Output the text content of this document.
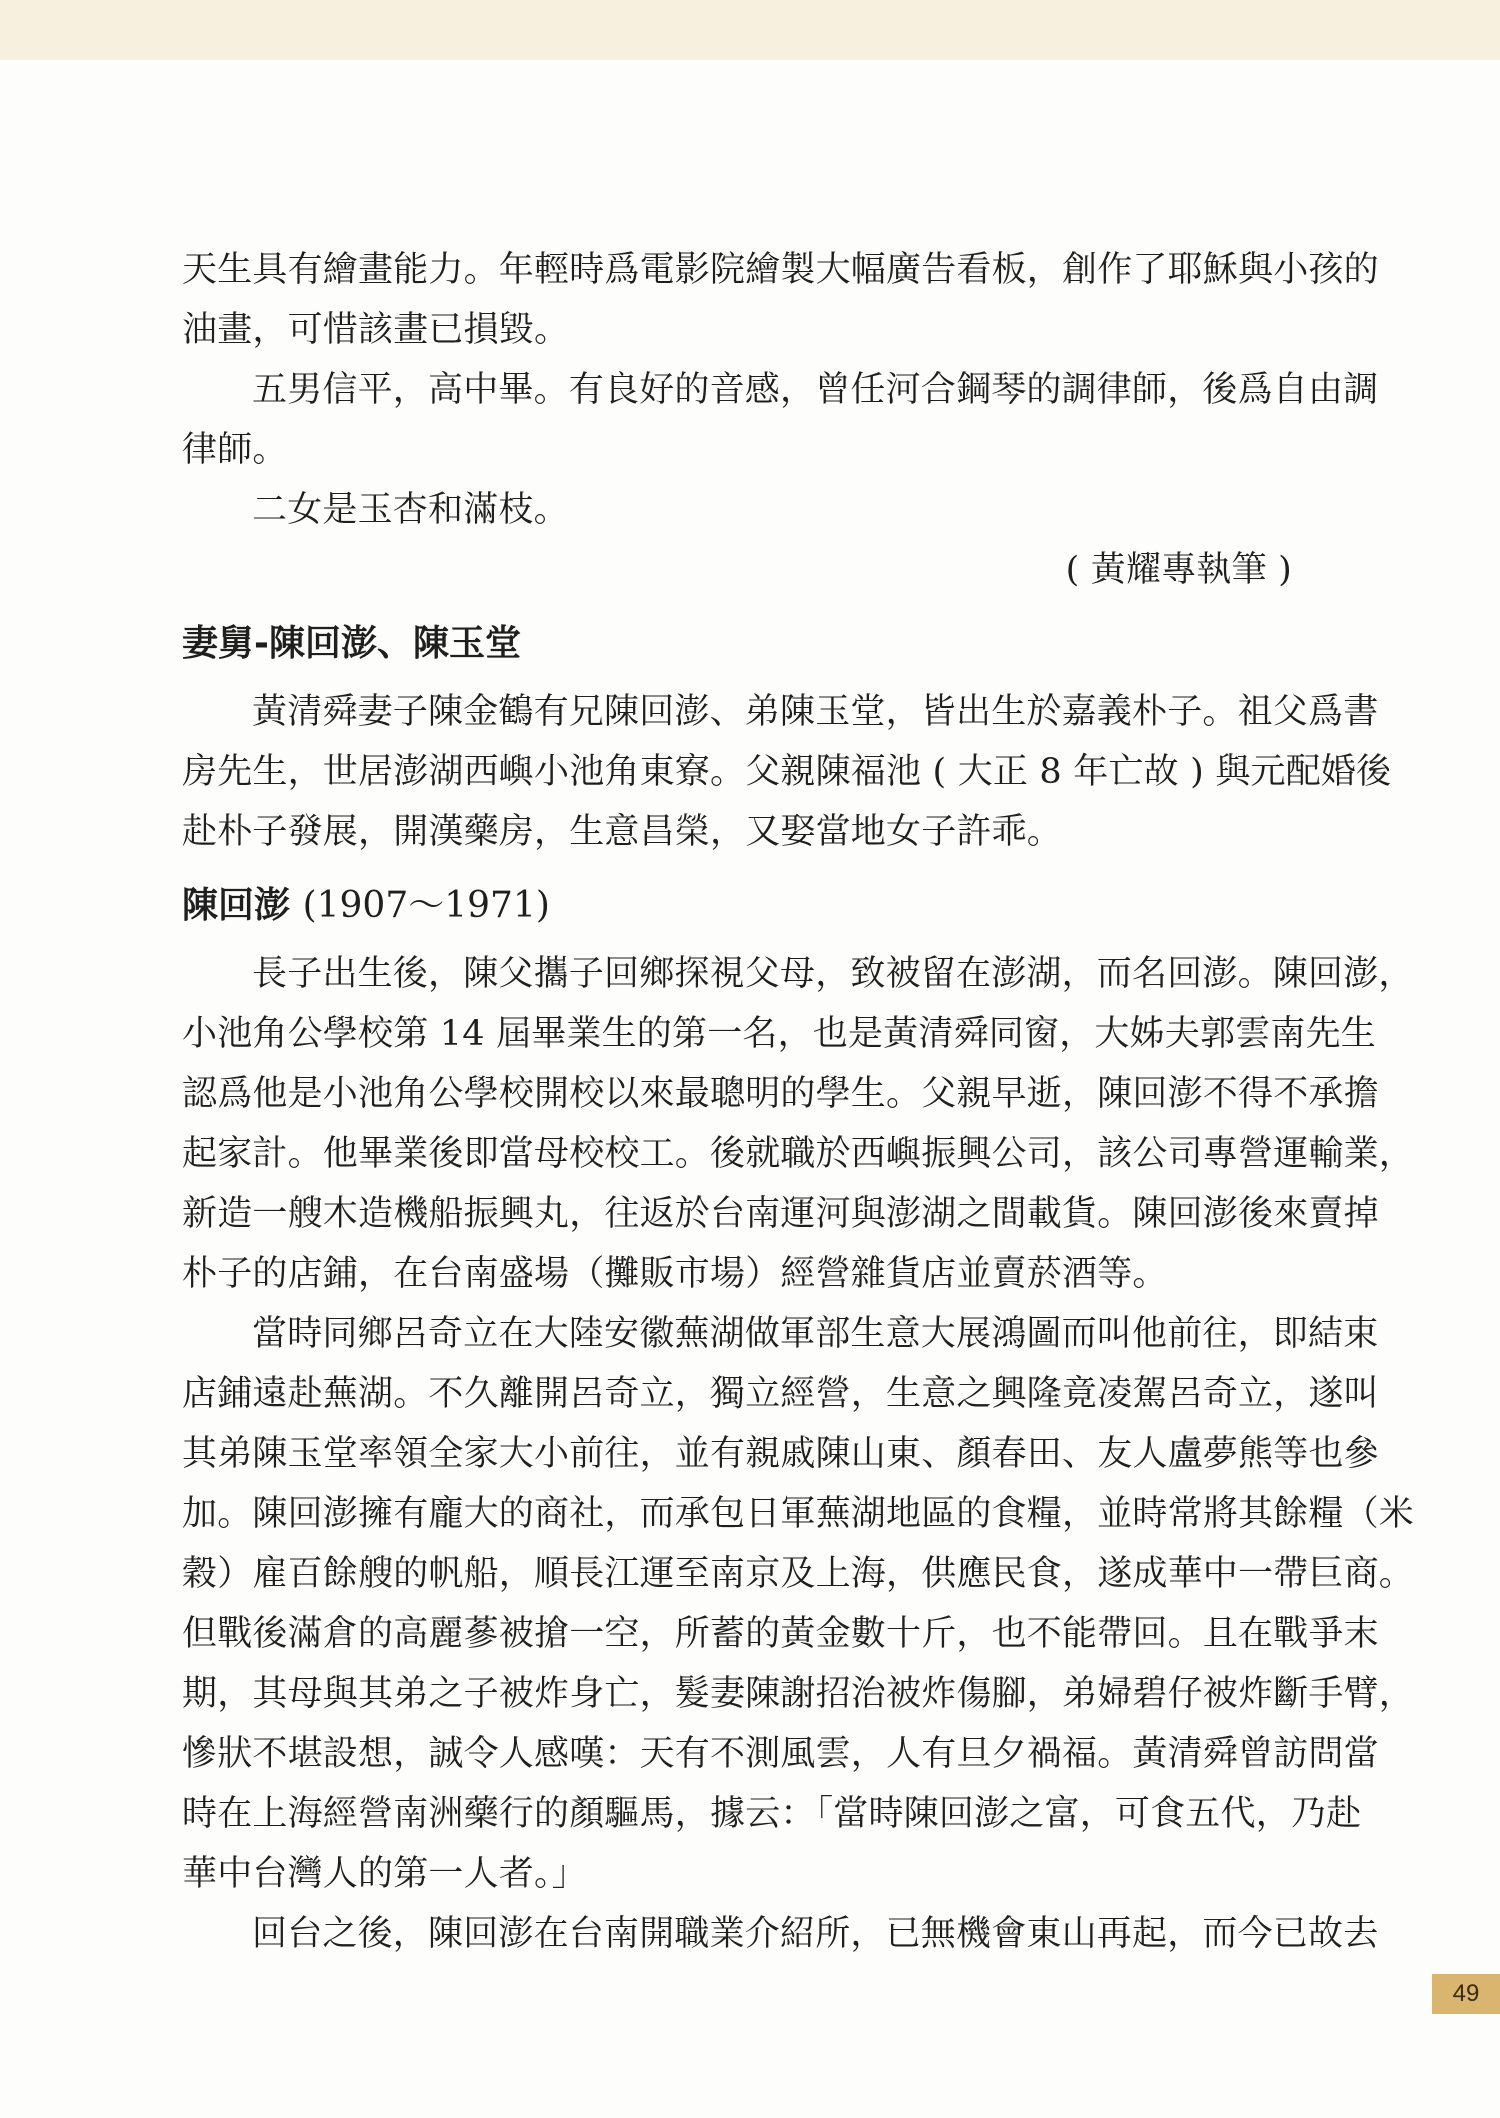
天生具有繪畫能力。年輕時爲電影院繪製大幅廣告看板，創作了耶穌與小孩的
油畫，可惜該畫已損毀。
五男信平，高中畢。有良好的音感，曾任河合鋼琴的調律師，後爲自由調
律師。
二女是玉杏和滿枝。
( 黃耀專執筆 )
妻舅-陳回澎、陳玉堂
黃清舜妻子陳金鶴有兄陳回澎、弟陳玉堂，皆出生於嘉義朴子。祖父爲書
房先生，世居澎湖西嶼小池角東寮。父親陳福池 ( 大正 8 年亡故 ) 與元配婚後
赴朴子發展，開漢藥房，生意昌榮，又娶當地女子許乖。
陳回澎 (1907～1971)
長子出生後，陳父攜子回鄉探視父母，致被留在澎湖，而名回澎。陳回澎，
小池角公學校第 14 屆畢業生的第一名，也是黃清舜同窗，大姊夫郭雲南先生
認爲他是小池角公學校開校以來最聰明的學生。父親早逝，陳回澎不得不承擔
起家計。他畢業後即當母校校工。後就職於西嶼振興公司，該公司專營運輸業，
新造一艘木造機船振興丸，往返於台南運河與澎湖之間載貨。陳回澎後來賣掉
朴子的店鋪，在台南盛場（攤販市場）經營雜貨店並賣菸酒等。
當時同鄉呂奇立在大陸安徽蕪湖做軍部生意大展鴻圖而叫他前往，即結束
店鋪遠赴蕪湖。不久離開呂奇立，獨立經營，生意之興隆竟凌駕呂奇立，遂叫
其弟陳玉堂率領全家大小前往，並有親戚陳山東、顏春田、友人盧夢熊等也參
加。陳回澎擁有龐大的商社，而承包日軍蕪湖地區的食糧，並時常將其餘糧（米
穀）雇百餘艘的帆船，順長江運至南京及上海，供應民食，遂成華中一帶巨商。
但戰後滿倉的高麗蔘被搶一空，所蓄的黃金數十斤，也不能帶回。且在戰爭末
期，其母與其弟之子被炸身亡，髮妻陳謝招治被炸傷腳，弟婦碧仔被炸斷手臂，
慘狀不堪設想，誠令人感嘆：天有不測風雲，人有旦夕禍福。黃清舜曾訪問當
時在上海經營南洲藥行的顏驅馬，據云：「當時陳回澎之富，可食五代，乃赴
華中台灣人的第一人者。」
回台之後，陳回澎在台南開職業介紹所，已無機會東山再起，而今已故去
49
